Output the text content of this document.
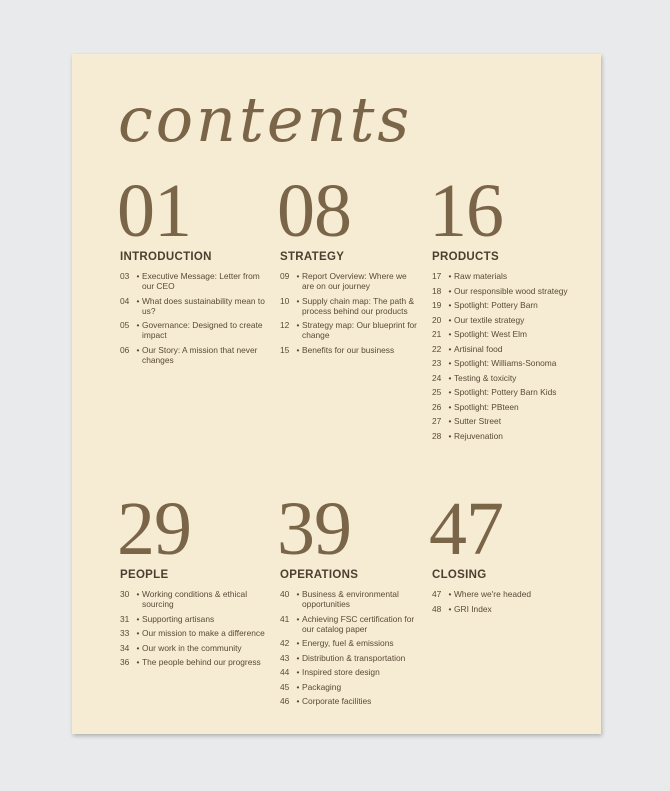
contents
01
INTRODUCTION
03 • Executive Message: Letter from our CEO
04 • What does sustainability mean to us?
05 • Governance: Designed to create impact
06 • Our Story: A mission that never changes
08
STRATEGY
09 • Report Overview: Where we are on our journey
10 • Supply chain map: The path & process behind our products
12 • Strategy map: Our blueprint for change
15 • Benefits for our business
16
PRODUCTS
17 • Raw materials
18 • Our responsible wood strategy
19 • Spotlight: Pottery Barn
20 • Our textile strategy
21 • Spotlight: West Elm
22 • Artisinal food
23 • Spotlight: Williams-Sonoma
24 • Testing & toxicity
25 • Spotlight: Pottery Barn Kids
26 • Spotlight: PBteen
27 • Sutter Street
28 • Rejuvenation
29
PEOPLE
30 • Working conditions & ethical sourcing
31 • Supporting artisans
33 • Our mission to make a difference
34 • Our work in the community
36 • The people behind our progress
39
OPERATIONS
40 • Business & environmental opportunities
41 • Achieving FSC certification for our catalog paper
42 • Energy, fuel & emissions
43 • Distribution & transportation
44 • Inspired store design
45 • Packaging
46 • Corporate facilities
47
CLOSING
47 • Where we're headed
48 • GRI Index
